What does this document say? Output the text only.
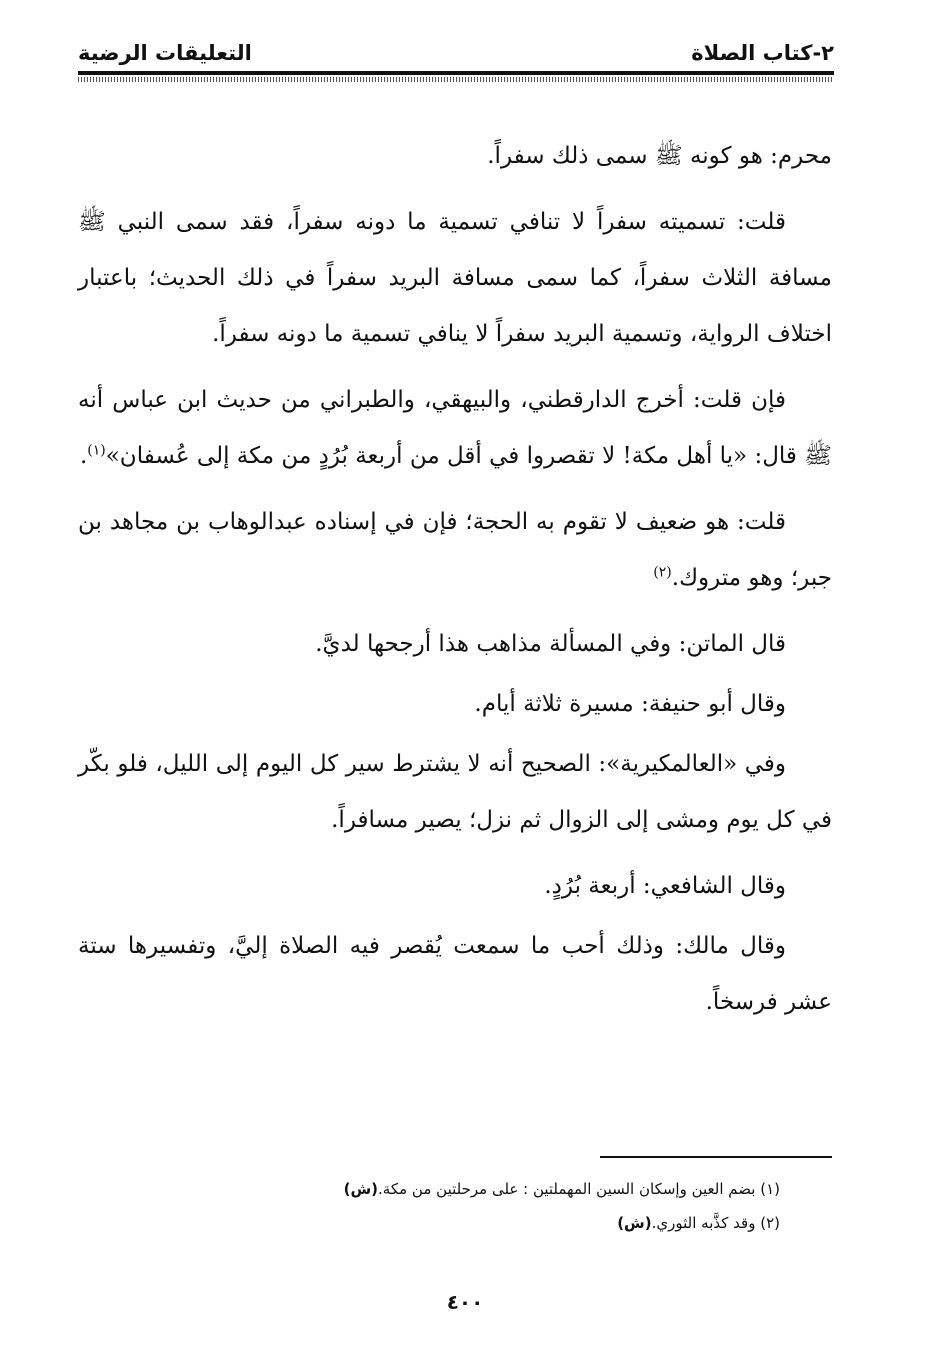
٢-كتاب الصلاة
التعليقات الرضية

محرم: هو كونه ﷺ سمى ذلك سفراً.

قلت: تسميته سفراً لا تنافي تسمية ما دونه سفراً، فقد سمى النبي ﷺ مسافة الثلاث سفراً، كما سمى مسافة البريد سفراً في ذلك الحديث؛ باعتبار اختلاف الرواية، وتسمية البريد سفراً لا ينافي تسمية ما دونه سفراً.

فإن قلت: أخرج الدارقطني، والبيهقي، والطبراني من حديث ابن عباس أنه ﷺ قال: «يا أهل مكة! لا تقصروا في أقل من أربعة بُرُدٍ من مكة إلى عُسفان»$^{(١)}$.

قلت: هو ضعيف لا تقوم به الحجة؛ فإن في إسناده عبدالوهاب بن مجاهد بن جبر؛ وهو متروك.$^{(٢)}$

قال الماتن: وفي المسألة مذاهب هذا أرجحها لديَّ.

وقال أبو حنيفة: مسيرة ثلاثة أيام.

وفي «العالمكيرية»: الصحيح أنه لا يشترط سير كل اليوم إلى الليل، فلو بكّر في كل يوم ومشى إلى الزوال ثم نزل؛ يصير مسافراً.

وقال الشافعي: أربعة بُرُدٍ.

وقال مالك: وذلك أحب ما سمعت يُقصر فيه الصلاة إليَّ، وتفسيرها ستة عشر فرسخاً.

(١) بضم العين وإسكان السين المهملتين : على مرحلتين من مكة.(ش)
(٢) وقد كذَّبه الثوري.(ش)
٤٠٠
